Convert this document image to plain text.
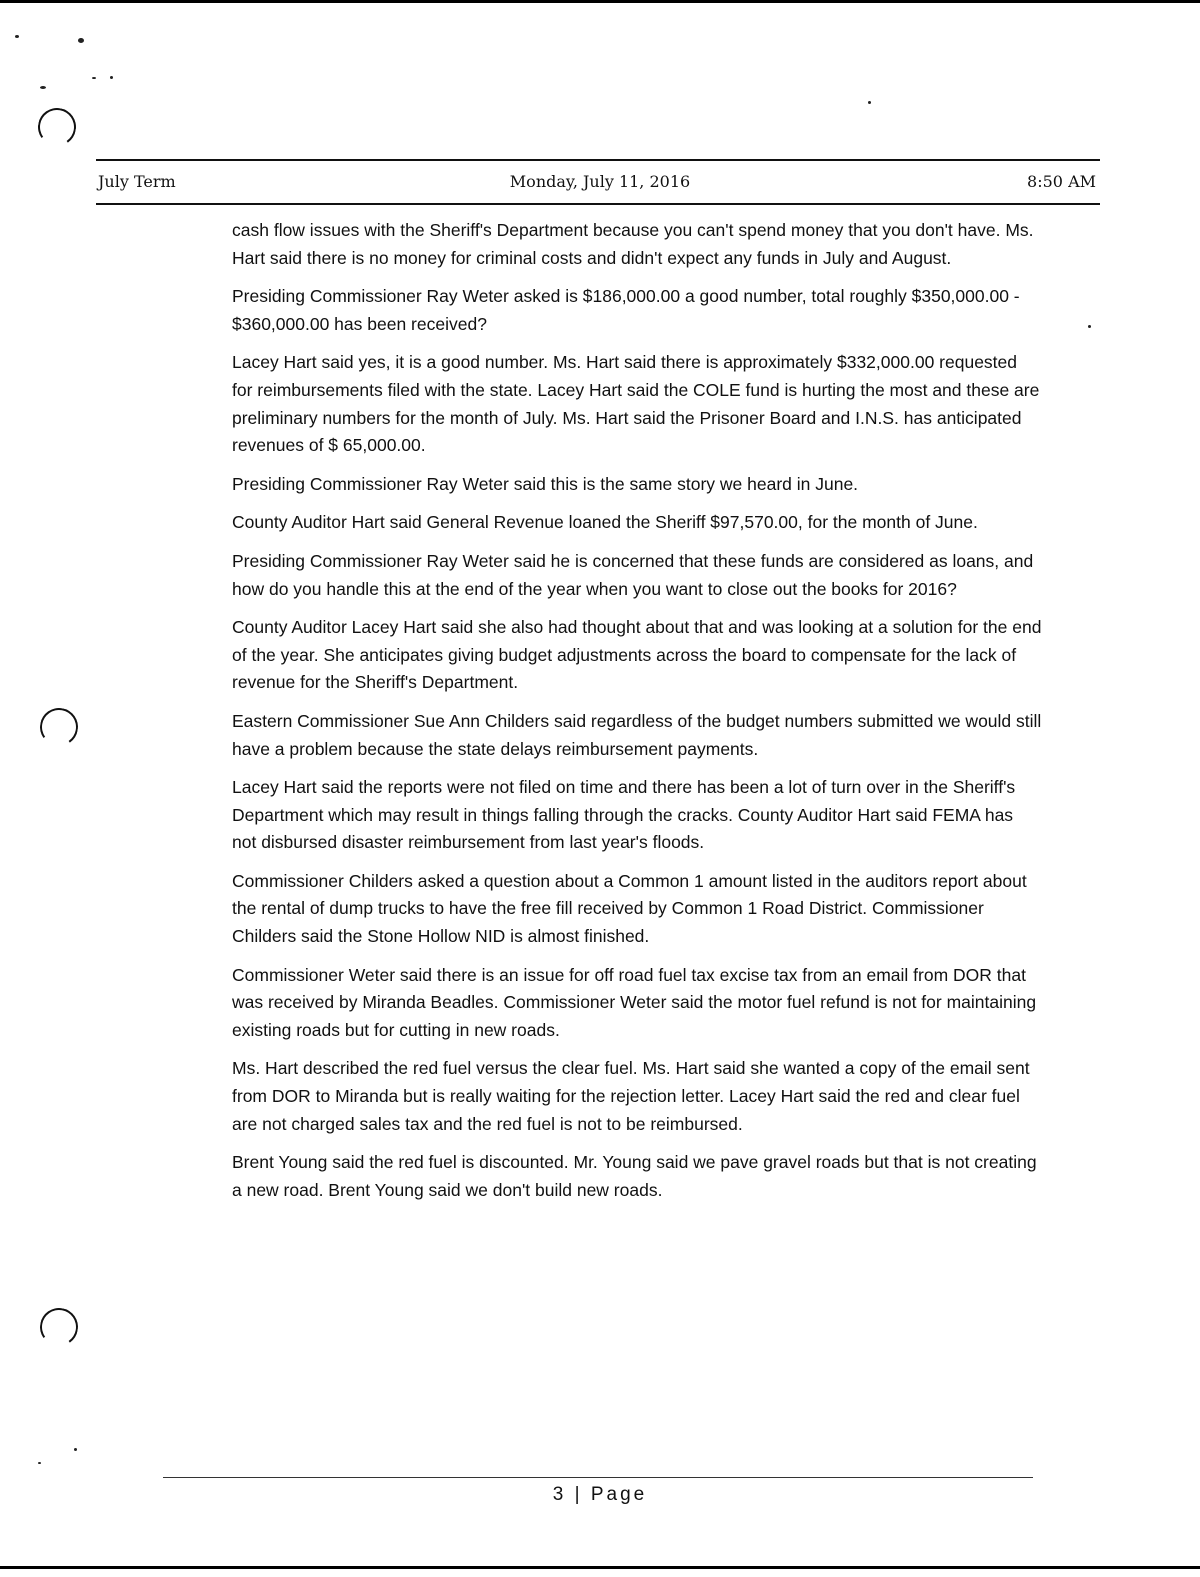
July Term	Monday, July 11, 2016	8:50 AM

cash flow issues with the Sheriff's Department because you can't spend money that you don't have. Ms. Hart said there is no money for criminal costs and didn't expect any funds in July and August.

Presiding Commissioner Ray Weter asked is $186,000.00 a good number, total roughly $350,000.00 - $360,000.00 has been received?

Lacey Hart said yes, it is a good number. Ms. Hart said there is approximately $332,000.00 requested for reimbursements filed with the state. Lacey Hart said the COLE fund is hurting the most and these are preliminary numbers for the month of July. Ms. Hart said the Prisoner Board and I.N.S. has anticipated revenues of $ 65,000.00.

Presiding Commissioner Ray Weter said this is the same story we heard in June.

County Auditor Hart said General Revenue loaned the Sheriff $97,570.00, for the month of June.

Presiding Commissioner Ray Weter said he is concerned that these funds are considered as loans, and how do you handle this at the end of the year when you want to close out the books for 2016?

County Auditor Lacey Hart said she also had thought about that and was looking at a solution for the end of the year. She anticipates giving budget adjustments across the board to compensate for the lack of revenue for the Sheriff's Department.

Eastern Commissioner Sue Ann Childers said regardless of the budget numbers submitted we would still have a problem because the state delays reimbursement payments.

Lacey Hart said the reports were not filed on time and there has been a lot of turn over in the Sheriff's Department which may result in things falling through the cracks. County Auditor Hart said FEMA has not disbursed disaster reimbursement from last year's floods.

Commissioner Childers asked a question about a Common 1 amount listed in the auditors report about the rental of dump trucks to have the free fill received by Common 1 Road District. Commissioner Childers said the Stone Hollow NID is almost finished.

Commissioner Weter said there is an issue for off road fuel tax excise tax from an email from DOR that was received by Miranda Beadles. Commissioner Weter said the motor fuel refund is not for maintaining existing roads but for cutting in new roads.

Ms. Hart described the red fuel versus the clear fuel. Ms. Hart said she wanted a copy of the email sent from DOR to Miranda but is really waiting for the rejection letter. Lacey Hart said the red and clear fuel are not charged sales tax and the red fuel is not to be reimbursed.

Brent Young said the red fuel is discounted. Mr. Young said we pave gravel roads but that is not creating a new road. Brent Young said we don't build new roads.

3 | Page
